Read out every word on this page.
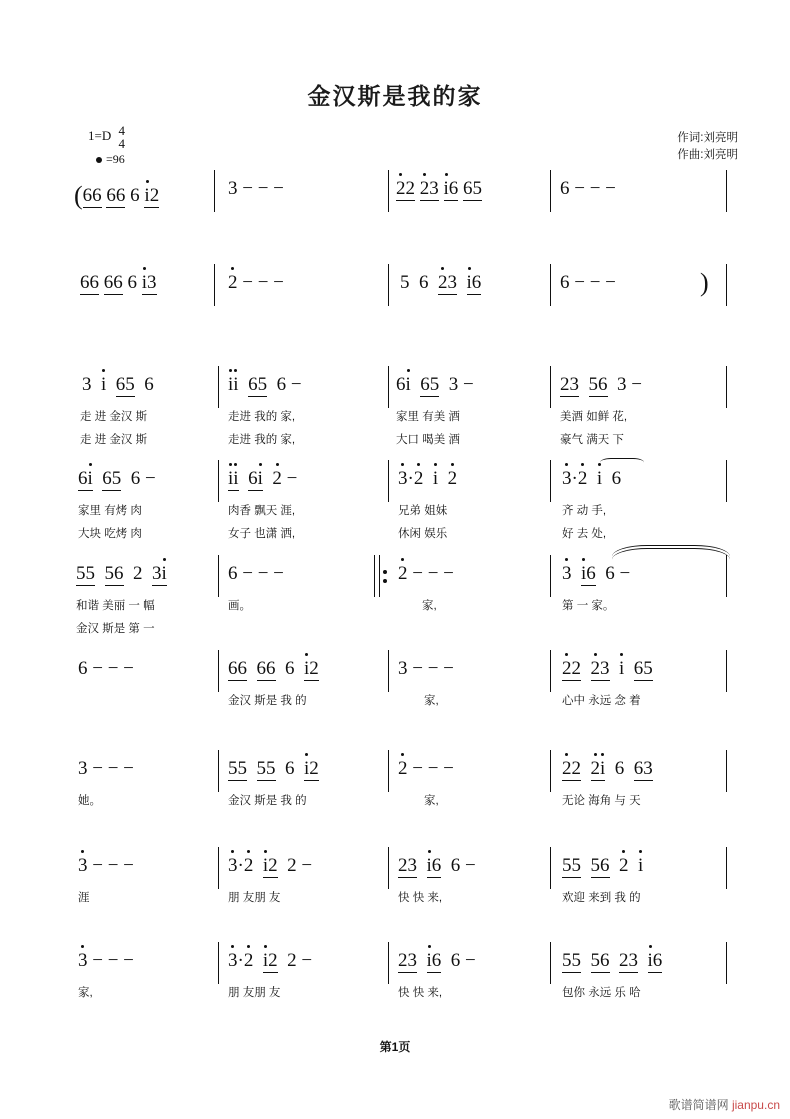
金汉斯是我的家
1=D 4
4
=96
作词:刘亮明
作曲:刘亮明
(66 66 6 i2	3 − − −	22 23 i6 65	6 − − −
66 66 6 i3	2 − − −	5  6  23 i6	6 − − −	)
3  i 65  6
走 进 金汉 斯
走 进 金汉 斯
ii 65  6 −
走进 我的 家,
走进 我的 家,
6i 65  3 −
家里 有美 酒
大口 喝美 酒
23 56  3 −
美酒 如鲜 花,
豪气 满天 下
6i 65  6 −
家里 有烤 肉
大块 吃烤 肉
ii 6i 2 −
肉香 飘天 涯,
女子 也潇 洒,
3·2 i 2
兄弟 姐妹
休闲 娱乐
3·2 i  6
齐 动 手,
好 去 处,
55 56  2  3i
和谐 美丽 一 幅
金汉 斯是 第 一
6 − − −
画。
2 − − −
家,
3 i6  6 −
第 一 家。
6 − − −	66 66  6  i2
金汉 斯是 我 的
3 − − −
家,
22 23 i 65
心中 永远 念 着
3 − − −
她。
55 55  6  i2
金汉 斯是 我 的
2 − − −
家,
22 2i  6  63
无论 海角 与 天
3 − − −
涯
3·2 i2  2 −
朋 友朋 友
23 i6  6 −
快 快 来,
55 56 2 i
欢迎 来到 我 的
3 − − −
家,
3·2 i2  2 −
朋 友朋 友
23 i6  6 −
快 快 来,
55 56 23 i6
包你 永远 乐 哈
第1页
歌谱简谱网 jianpu.cn
